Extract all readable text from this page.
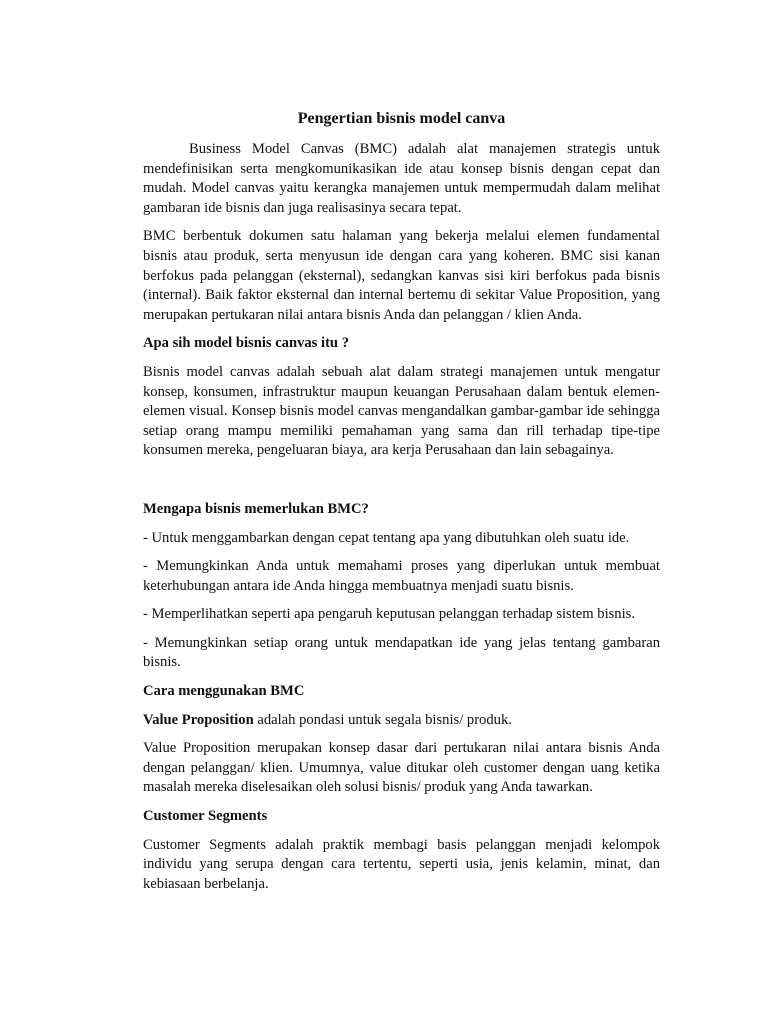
Pengertian bisnis model canva

Business Model Canvas (BMC) adalah alat manajemen strategis untuk mendefinisikan serta mengkomunikasikan ide atau konsep bisnis dengan cepat dan mudah. Model canvas yaitu kerangka manajemen untuk mempermudah dalam melihat gambaran ide bisnis dan juga realisasinya secara tepat.

BMC berbentuk dokumen satu halaman yang bekerja melalui elemen fundamental bisnis atau produk, serta menyusun ide dengan cara yang koheren. BMC sisi kanan berfokus pada pelanggan (eksternal), sedangkan kanvas sisi kiri berfokus pada bisnis (internal). Baik faktor eksternal dan internal bertemu di sekitar Value Proposition, yang merupakan pertukaran nilai antara bisnis Anda dan pelanggan / klien Anda.

Apa sih model bisnis canvas itu ?

Bisnis model canvas adalah sebuah alat dalam strategi manajemen untuk mengatur konsep, konsumen, infrastruktur maupun keuangan Perusahaan dalam bentuk elemen-elemen visual. Konsep bisnis model canvas mengandalkan gambar-gambar ide sehingga setiap orang mampu memiliki pemahaman yang sama dan rill terhadap tipe-tipe konsumen mereka, pengeluaran biaya, ara kerja Perusahaan dan lain sebagainya.

Mengapa bisnis memerlukan BMC?

- Untuk menggambarkan dengan cepat tentang apa yang dibutuhkan oleh suatu ide.

- Memungkinkan Anda untuk memahami proses yang diperlukan untuk membuat keterhubungan antara ide Anda hingga membuatnya menjadi suatu bisnis.

- Memperlihatkan seperti apa pengaruh keputusan pelanggan terhadap sistem bisnis.

- Memungkinkan setiap orang untuk mendapatkan ide yang jelas tentang gambaran bisnis.

Cara menggunakan BMC

Value Proposition adalah pondasi untuk segala bisnis/ produk.

Value Proposition merupakan konsep dasar dari pertukaran nilai antara bisnis Anda dengan pelanggan/ klien. Umumnya, value ditukar oleh customer dengan uang ketika masalah mereka diselesaikan oleh solusi bisnis/ produk yang Anda tawarkan.

Customer Segments

Customer Segments adalah praktik membagi basis pelanggan menjadi kelompok individu yang serupa dengan cara tertentu, seperti usia, jenis kelamin, minat, dan kebiasaan berbelanja.
